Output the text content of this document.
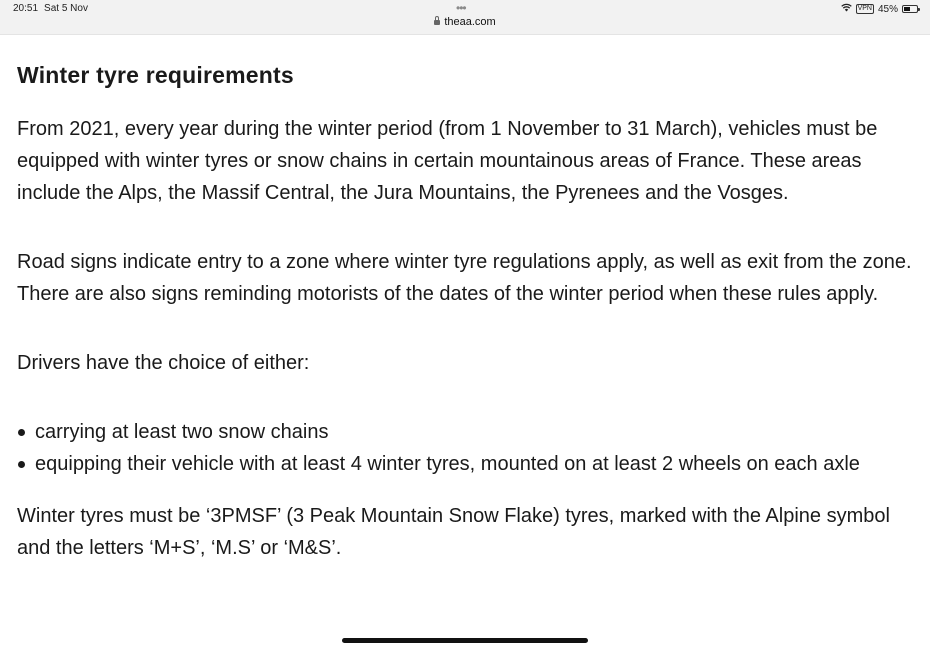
20:51 Sat 5 Nov	•••
theaa.com
VPN 45%
Winter tyre requirements

From 2021, every year during the winter period (from 1 November to 31 March), vehicles must be equipped with winter tyres or snow chains in certain mountainous areas of France. These areas include the Alps, the Massif Central, the Jura Mountains, the Pyrenees and the Vosges.

Road signs indicate entry to a zone where winter tyre regulations apply, as well as exit from the zone. There are also signs reminding motorists of the dates of the winter period when these rules apply.

Drivers have the choice of either:

carrying at least two snow chains
equipping their vehicle with at least 4 winter tyres, mounted on at least 2 wheels on each axle

Winter tyres must be ‘3PMSF’ (3 Peak Mountain Snow Flake) tyres, marked with the Alpine symbol and the letters ‘M+S’, ‘M.S’ or ‘M&S’.
